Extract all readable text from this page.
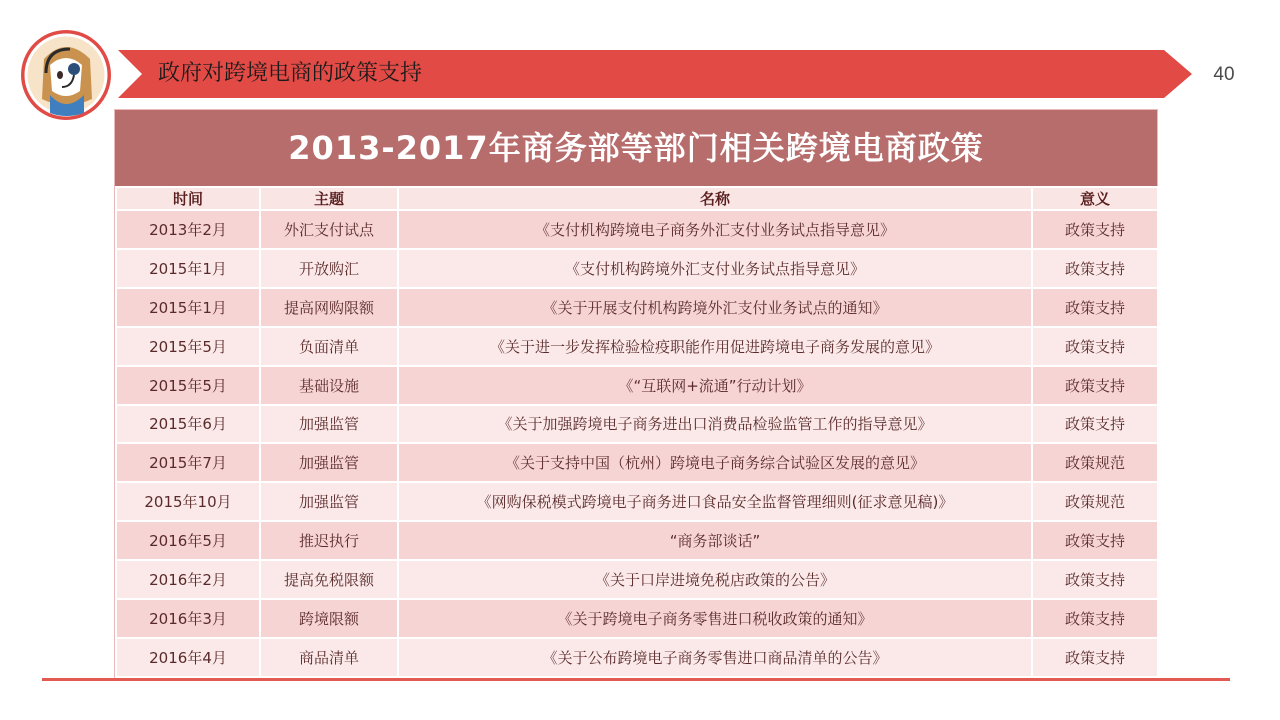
政府对跨境电商的政策支持	40
2013-2017年商务部等部门相关跨境电商政策
时间	主题	名称	意义
2013年2月	外汇支付试点	《支付机构跨境电子商务外汇支付业务试点指导意见》	政策支持
2015年1月	开放购汇	《支付机构跨境外汇支付业务试点指导意见》	政策支持
2015年1月	提高网购限额	《关于开展支付机构跨境外汇支付业务试点的通知》	政策支持
2015年5月	负面清单	《关于进一步发挥检验检疫职能作用促进跨境电子商务发展的意见》	政策支持
2015年5月	基础设施	《“互联网+流通”行动计划》	政策支持
2015年6月	加强监管	《关于加强跨境电子商务进出口消费品检验监管工作的指导意见》	政策支持
2015年7月	加强监管	《关于支持中国（杭州）跨境电子商务综合试验区发展的意见》	政策规范
2015年10月	加强监管	《网购保税模式跨境电子商务进口食品安全监督管理细则(征求意见稿)》	政策规范
2016年5月	推迟执行	“商务部谈话”	政策支持
2016年2月	提高免税限额	《关于口岸进境免税店政策的公告》	政策支持
2016年3月	跨境限额	《关于跨境电子商务零售进口税收政策的通知》	政策支持
2016年4月	商品清单	《关于公布跨境电子商务零售进口商品清单的公告》	政策支持
